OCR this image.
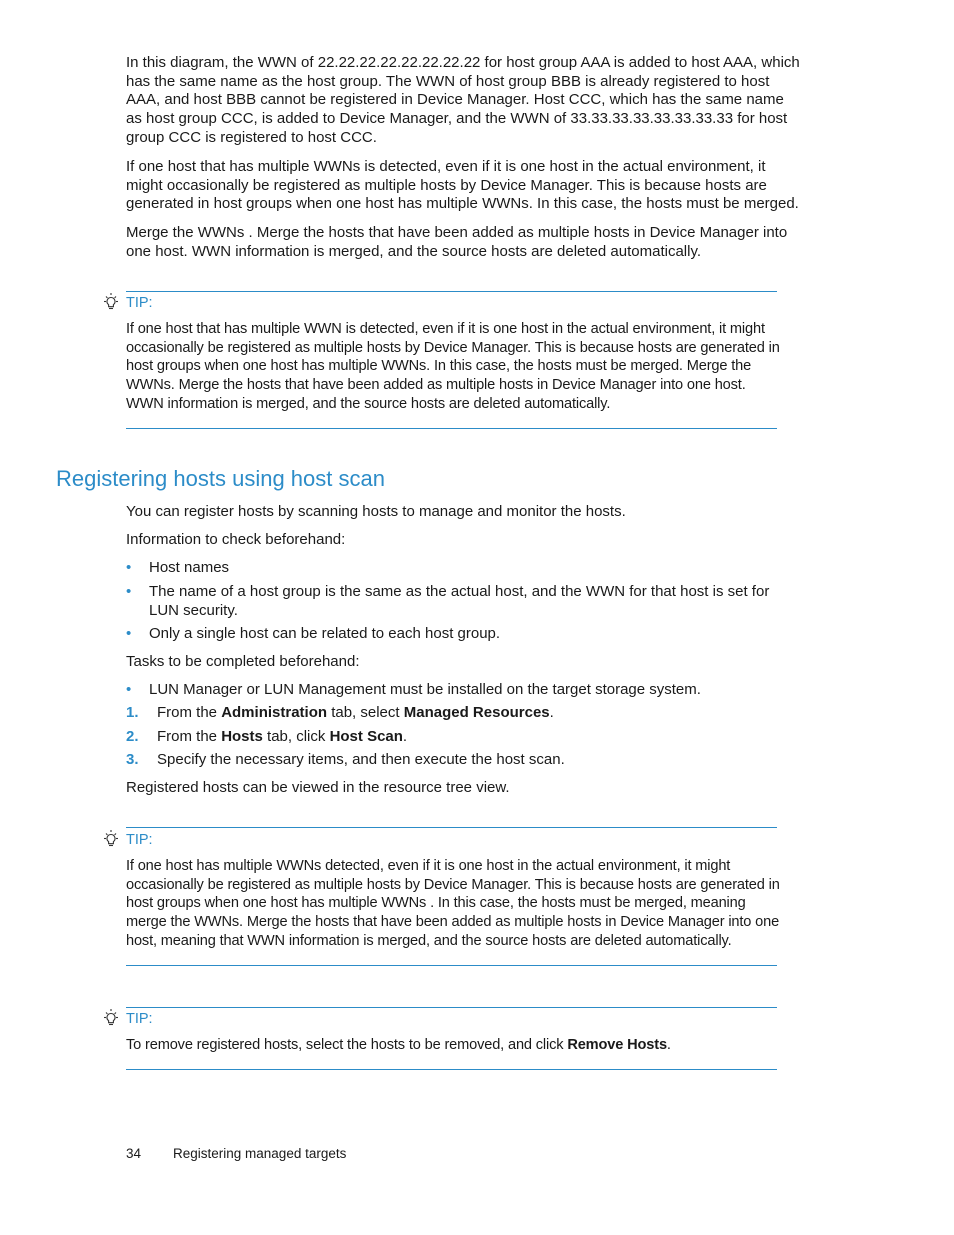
In this diagram, the WWN of 22.22.22.22.22.22.22.22 for host group AAA is added to host AAA, which has the same name as the host group. The WWN of host group BBB is already registered to host AAA, and host BBB cannot be registered in Device Manager. Host CCC, which has the same name as host group CCC, is added to Device Manager, and the WWN of 33.33.33.33.33.33.33.33 for host group CCC is registered to host CCC.

If one host that has multiple WWNs is detected, even if it is one host in the actual environment, it might occasionally be registered as multiple hosts by Device Manager. This is because hosts are generated in host groups when one host has multiple WWNs. In this case, the hosts must be merged.

Merge the WWNs . Merge the hosts that have been added as multiple hosts in Device Manager into one host. WWN information is merged, and the source hosts are deleted automatically.

TIP:

If one host that has multiple WWN is detected, even if it is one host in the actual environment, it might occasionally be registered as multiple hosts by Device Manager. This is because hosts are generated in host groups when one host has multiple WWNs. In this case, the hosts must be merged. Merge the WWNs. Merge the hosts that have been added as multiple hosts in Device Manager into one host. WWN information is merged, and the source hosts are deleted automatically.

Registering hosts using host scan

You can register hosts by scanning hosts to manage and monitor the hosts.

Information to check beforehand:

• Host names
• The name of a host group is the same as the actual host, and the WWN for that host is set for LUN security.
• Only a single host can be related to each host group.

Tasks to be completed beforehand:

• LUN Manager or LUN Management must be installed on the target storage system.
1. From the Administration tab, select Managed Resources.
2. From the Hosts tab, click Host Scan.
3. Specify the necessary items, and then execute the host scan.

Registered hosts can be viewed in the resource tree view.

TIP:

If one host has multiple WWNs detected, even if it is one host in the actual environment, it might occasionally be registered as multiple hosts by Device Manager. This is because hosts are generated in host groups when one host has multiple WWNs . In this case, the hosts must be merged, meaning merge the WWNs. Merge the hosts that have been added as multiple hosts in Device Manager into one host, meaning that WWN information is merged, and the source hosts are deleted automatically.

TIP:

To remove registered hosts, select the hosts to be removed, and click Remove Hosts.

34 Registering managed targets
